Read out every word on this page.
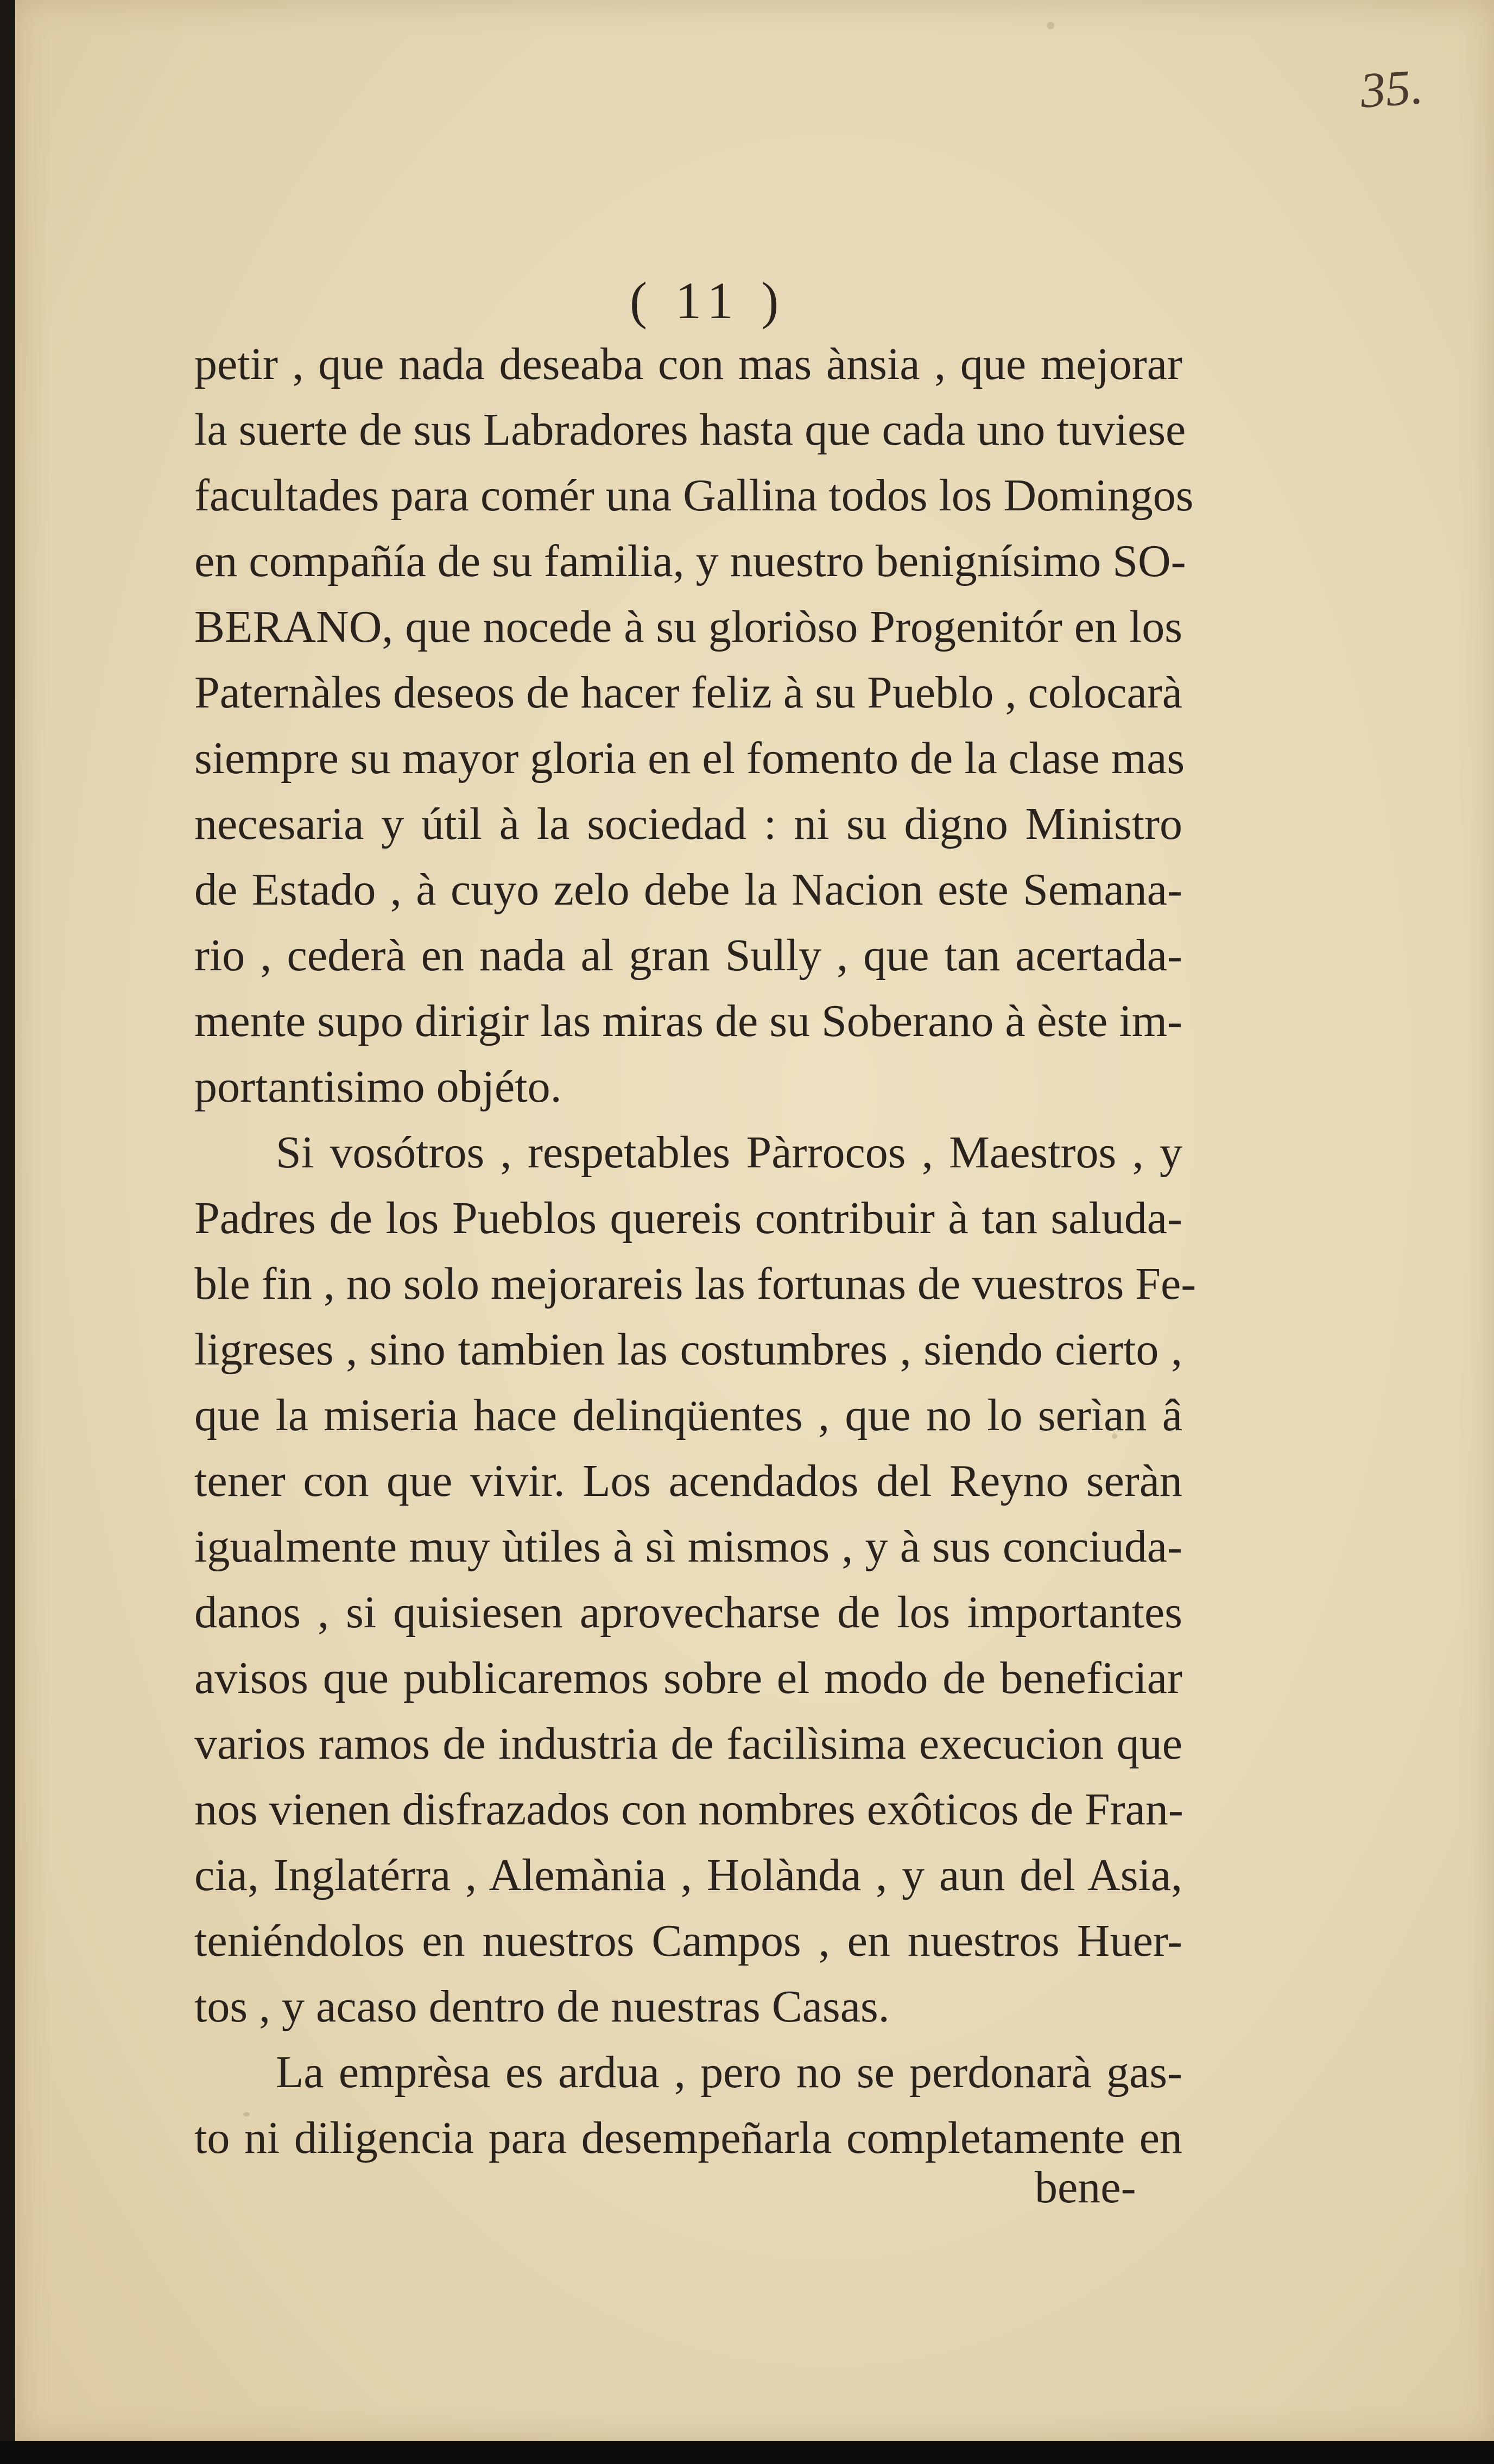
35.
( 11 )
petir , que nada deseaba con mas ànsia , que mejorar
la suerte de sus Labradores hasta que cada uno tuviese
facultades para comér una Gallina todos los Domingos
en compañía de su familia, y nuestro benignísimo SO-
BERANO, que nocede à su gloriòso Progenitór en los
Paternàles deseos de hacer feliz à su Pueblo , colocarà
siempre su mayor gloria en el fomento de la clase mas
necesaria y útil à la sociedad : ni su digno Ministro
de Estado , à cuyo zelo debe la Nacion este Semana-
rio , cederà en nada al gran Sully , que tan acertada-
mente supo dirigir las miras de su Soberano à èste im-
portantisimo objéto.
Si vosótros , respetables Pàrrocos , Maestros , y
Padres de los Pueblos quereis contribuir à tan saluda-
ble fin , no solo mejorareis las fortunas de vuestros Fe-
ligreses , sino tambien las costumbres , siendo cierto ,
que la miseria hace delinqüentes , que no lo serìan â
tener con que vivir. Los acendados del Reyno seràn
igualmente muy ùtiles à sì mismos , y à sus conciuda-
danos , si quisiesen aprovecharse de los importantes
avisos que publicaremos sobre el modo de beneficiar
varios ramos de industria de facilìsima execucion que
nos vienen disfrazados con nombres exôticos de Fran-
cia, Inglatérra , Alemània , Holànda , y aun del Asia,
teniéndolos en nuestros Campos , en nuestros Huer-
tos , y acaso dentro de nuestras Casas.
La emprèsa es ardua , pero no se perdonarà gas-
to ni diligencia para desempeñarla completamente en
bene-
